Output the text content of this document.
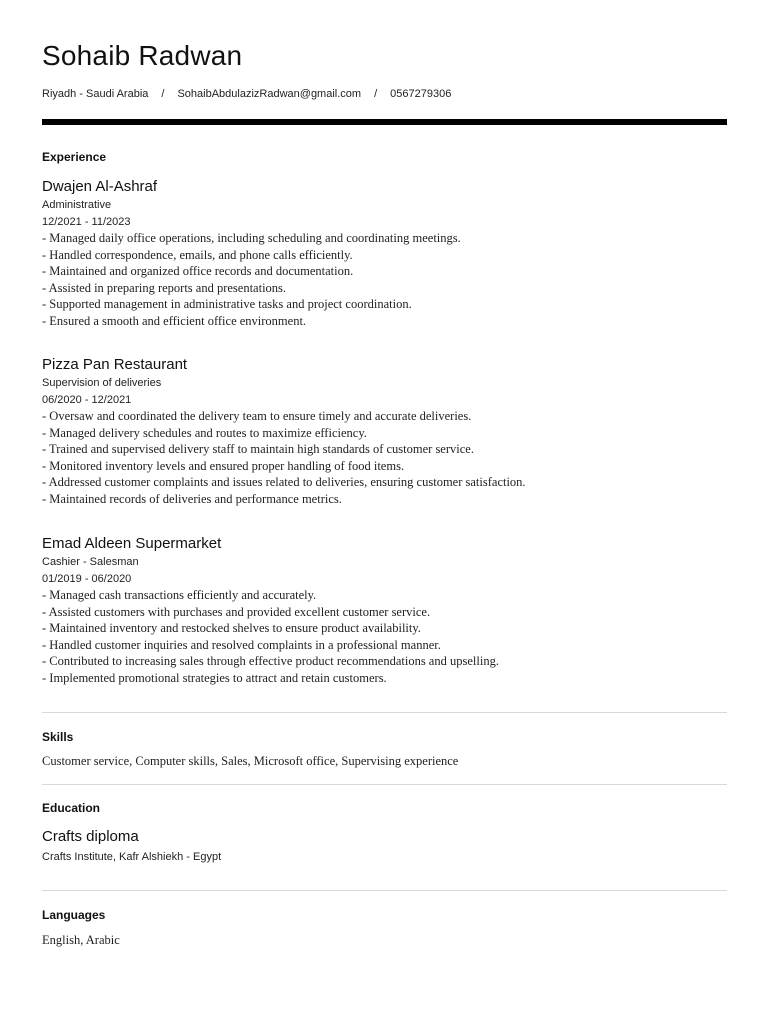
Sohaib Radwan
Riyadh - Saudi Arabia / SohaibAbdulazizRadwan@gmail.com / 0567279306
Experience
Dwajen Al-Ashraf
Administrative
12/2021 - 11/2023
- Managed daily office operations, including scheduling and coordinating meetings.
- Handled correspondence, emails, and phone calls efficiently.
- Maintained and organized office records and documentation.
- Assisted in preparing reports and presentations.
- Supported management in administrative tasks and project coordination.
- Ensured a smooth and efficient office environment.
Pizza Pan Restaurant
Supervision of deliveries
06/2020 - 12/2021
- Oversaw and coordinated the delivery team to ensure timely and accurate deliveries.
- Managed delivery schedules and routes to maximize efficiency.
- Trained and supervised delivery staff to maintain high standards of customer service.
- Monitored inventory levels and ensured proper handling of food items.
- Addressed customer complaints and issues related to deliveries, ensuring customer satisfaction.
- Maintained records of deliveries and performance metrics.
Emad Aldeen Supermarket
Cashier - Salesman
01/2019 - 06/2020
- Managed cash transactions efficiently and accurately.
- Assisted customers with purchases and provided excellent customer service.
- Maintained inventory and restocked shelves to ensure product availability.
- Handled customer inquiries and resolved complaints in a professional manner.
- Contributed to increasing sales through effective product recommendations and upselling.
- Implemented promotional strategies to attract and retain customers.
Skills
Customer service, Computer skills, Sales, Microsoft office, Supervising experience
Education
Crafts diploma
Crafts Institute, Kafr Alshiekh - Egypt
Languages
English, Arabic
